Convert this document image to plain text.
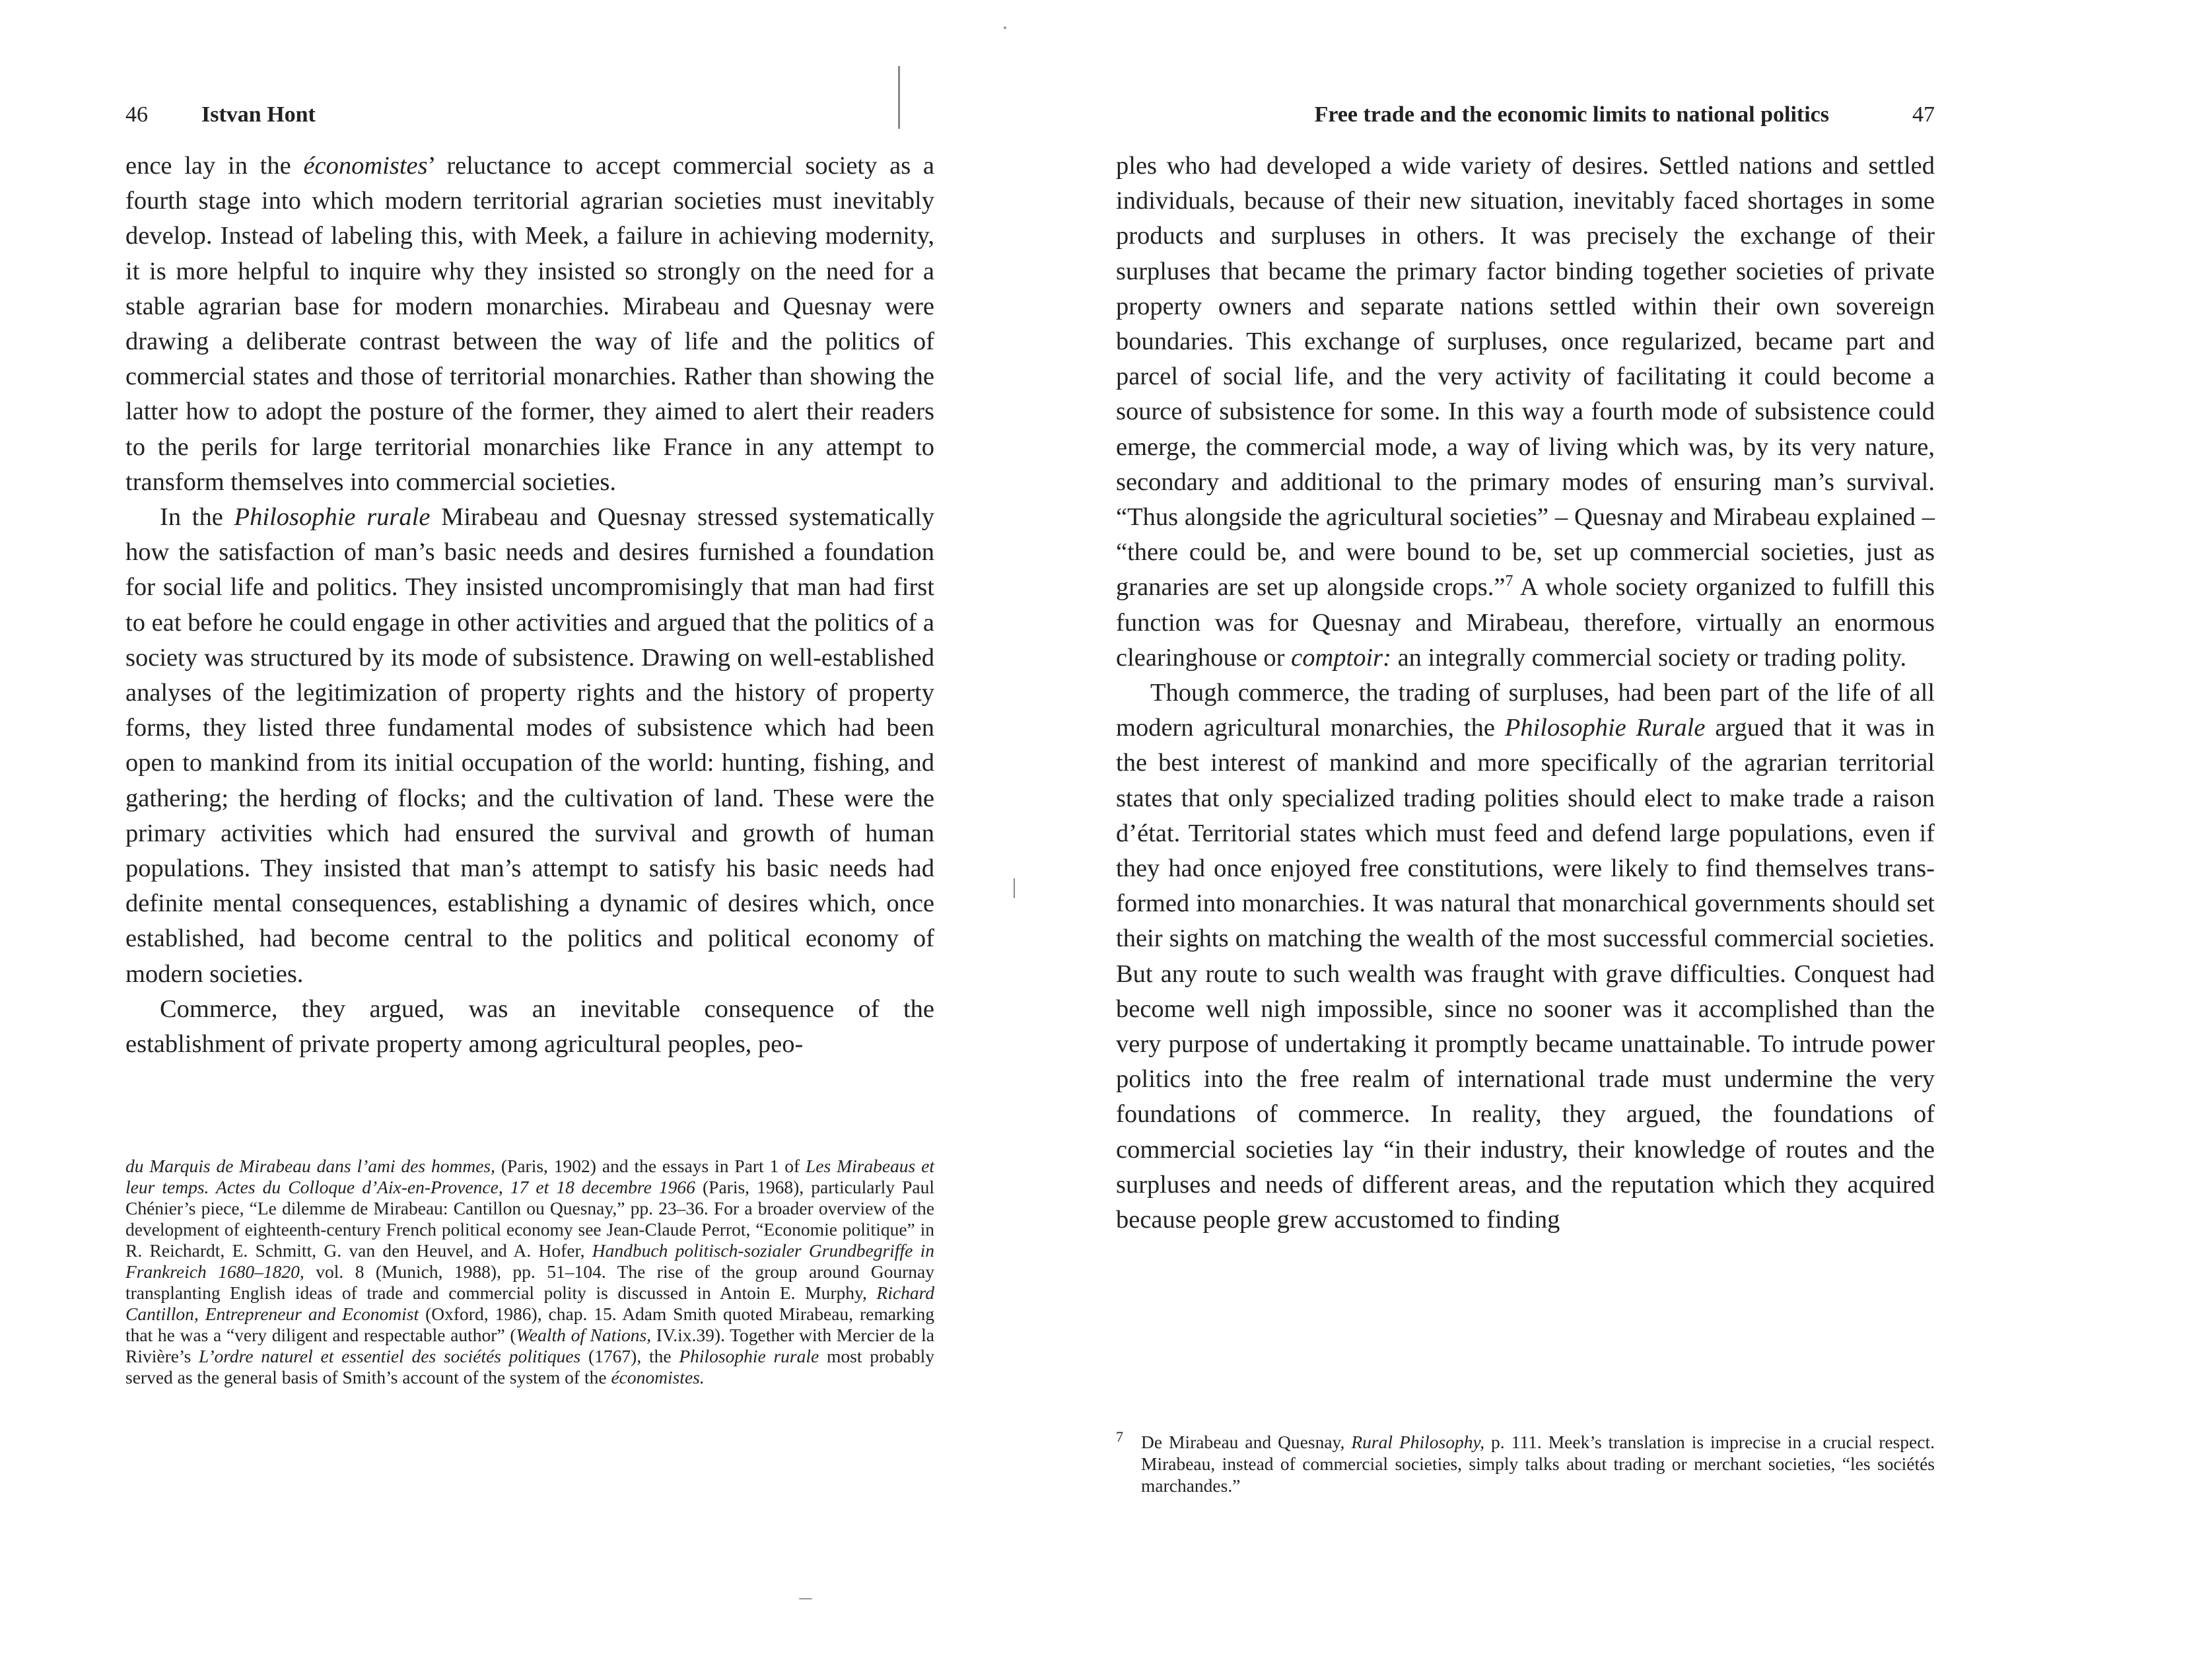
46 Istvan Hont

ence lay in the économistes’ reluctance to accept commercial society as a fourth stage into which modern territorial agrarian societies must inevitably develop. Instead of labeling this, with Meek, a failure in achieving modernity, it is more helpful to inquire why they insisted so strongly on the need for a stable agrarian base for modern monarchies. Mirabeau and Quesnay were drawing a deliberate contrast between the way of life and the politics of commercial states and those of territorial monarchies. Rather than showing the latter how to adopt the posture of the former, they aimed to alert their readers to the perils for large territorial monarchies like France in any attempt to transform themselves into commercial societies.

In the Philosophie rurale Mirabeau and Quesnay stressed systematically how the satisfaction of man’s basic needs and desires furnished a foundation for social life and politics. They insisted uncompromisingly that man had first to eat before he could engage in other activities and argued that the politics of a society was structured by its mode of subsistence. Drawing on well-established analyses of the legitimization of property rights and the history of property forms, they listed three fundamental modes of subsistence which had been open to mankind from its initial occupation of the world: hunting, fishing, and gathering; the herding of flocks; and the cultivation of land. These were the primary activities which had ensured the survival and growth of human populations. They insisted that man’s attempt to satisfy his basic needs had definite mental consequences, establishing a dynamic of desires which, once established, had become central to the politics and political economy of modern societies.

Commerce, they argued, was an inevitable consequence of the establishment of private property among agricultural peoples, peo-

du Marquis de Mirabeau dans l’ami des hommes, (Paris, 1902) and the essays in Part 1 of Les Mirabeaus et leur temps. Actes du Colloque d’Aix-en-Provence, 17 et 18 decembre 1966 (Paris, 1968), particularly Paul Chénier’s piece, “Le dilemme de Mirabeau: Cantillon ou Quesnay,” pp. 23–36. For a broader overview of the development of eighteenth-century French political economy see Jean-Claude Perrot, “Economie politique” in R. Reichardt, E. Schmitt, G. van den Heuvel, and A. Hofer, Handbuch politisch-sozialer Grundbegriffe in Frankreich 1680–1820, vol. 8 (Munich, 1988), pp. 51–104. The rise of the group around Gournay transplanting English ideas of trade and commercial polity is discussed in Antoin E. Murphy, Richard Cantillon, Entrepreneur and Economist (Oxford, 1986), chap. 15. Adam Smith quoted Mirabeau, remarking that he was a “very diligent and respectable author” (Wealth of Nations, IV.ix.39). Together with Mercier de la Rivière’s L’ordre naturel et essentiel des sociétés politiques (1767), the Philosophie rurale most probably served as the general basis of Smith’s account of the system of the économistes.
Free trade and the economic limits to national politics	47

ples who had developed a wide variety of desires. Settled nations and settled individuals, because of their new situation, inevitably faced shortages in some products and surpluses in others. It was precisely the exchange of their surpluses that became the primary factor binding together societies of private property owners and separate nations settled within their own sovereign boundaries. This exchange of surpluses, once regularized, became part and parcel of social life, and the very activity of facilitating it could become a source of subsistence for some. In this way a fourth mode of subsistence could emerge, the commercial mode, a way of living which was, by its very nature, secondary and additional to the primary modes of ensuring man’s survival. “Thus alongside the agricultural societies” – Quesnay and Mirabeau explained – “there could be, and were bound to be, set up commercial societies, just as granaries are set up alongside crops.”$^7$ A whole society organized to fulfill this function was for Quesnay and Mirabeau, therefore, virtually an enormous clearinghouse or comptoir: an integrally commercial society or trading polity.

Though commerce, the trading of surpluses, had been part of the life of all modern agricultural monarchies, the Philosophie Rurale argued that it was in the best interest of mankind and more specifically of the agrarian territorial states that only specialized trading polities should elect to make trade a raison d’état. Territorial states which must feed and defend large populations, even if they had once enjoyed free constitutions, were likely to find themselves transformed into monarchies. It was natural that monarchical governments should set their sights on matching the wealth of the most successful commercial societies. But any route to such wealth was fraught with grave difficulties. Conquest had become well nigh impossible, since no sooner was it accomplished than the very purpose of undertaking it promptly became unattainable. To intrude power politics into the free realm of international trade must undermine the very foundations of commerce. In reality, they argued, the foundations of commercial societies lay “in their industry, their knowledge of routes and the surpluses and needs of different areas, and the reputation which they acquired because people grew accustomed to finding

7 De Mirabeau and Quesnay, Rural Philosophy, p. 111. Meek’s translation is imprecise in a crucial respect. Mirabeau, instead of commercial societies, simply talks about trading or merchant societies, “les sociétés marchandes.”
